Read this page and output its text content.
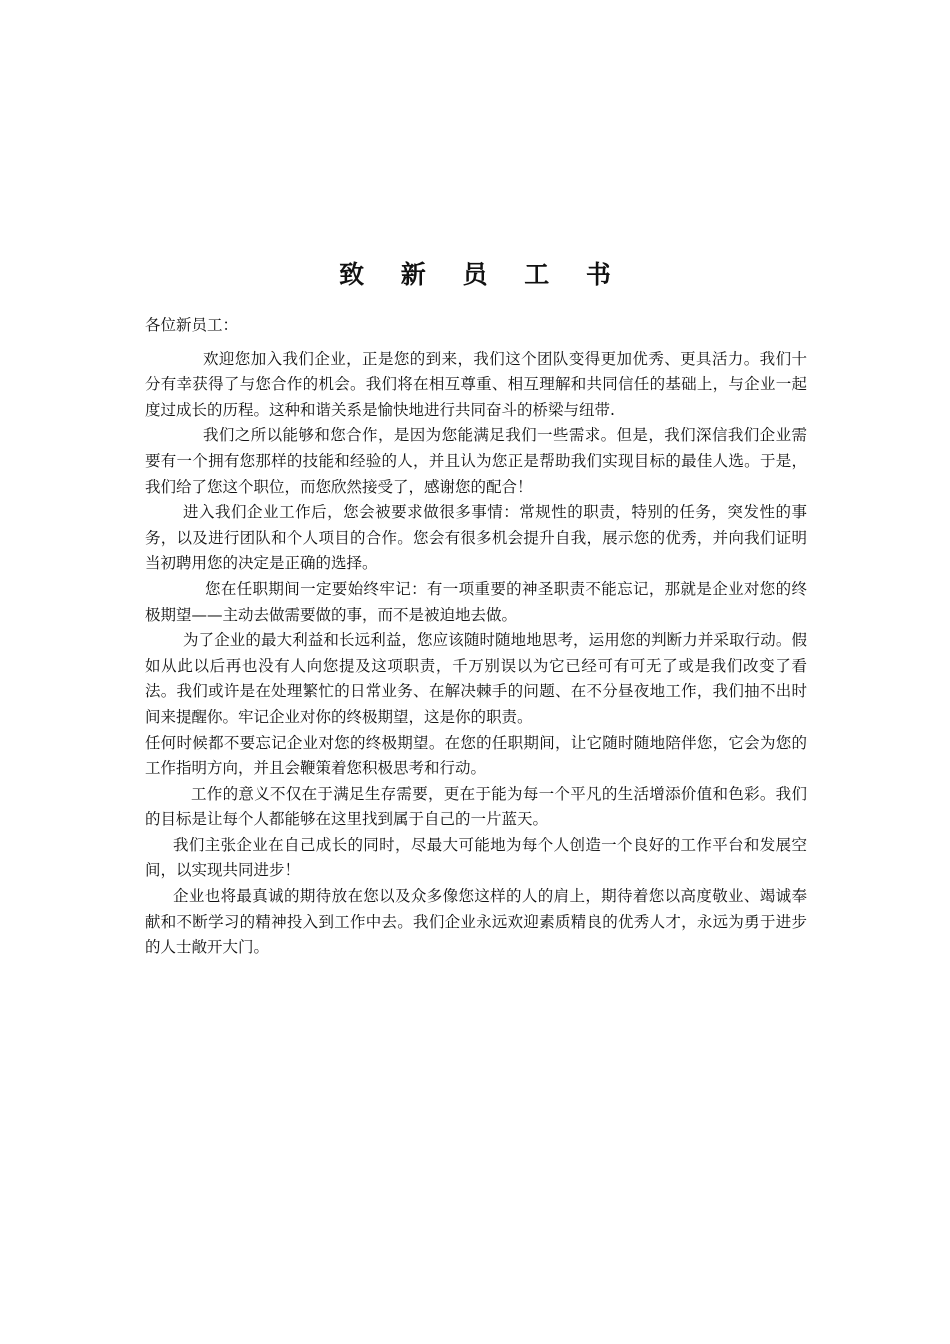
致 新 员 工 书

各位新员工：

欢迎您加入我们企业，正是您的到来，我们这个团队变得更加优秀、更具活力。我们十分有幸获得了与您合作的机会。我们将在相互尊重、相互理解和共同信任的基础上，与企业一起度过成长的历程。这种和谐关系是愉快地进行共同奋斗的桥梁与纽带.

我们之所以能够和您合作，是因为您能满足我们一些需求。但是，我们深信我们企业需要有一个拥有您那样的技能和经验的人，并且认为您正是帮助我们实现目标的最佳人选。于是，我们给了您这个职位，而您欣然接受了，感谢您的配合！

进入我们企业工作后，您会被要求做很多事情：常规性的职责，特别的任务，突发性的事务，以及进行团队和个人项目的合作。您会有很多机会提升自我，展示您的优秀，并向我们证明当初聘用您的决定是正确的选择。

您在任职期间一定要始终牢记：有一项重要的神圣职责不能忘记，那就是企业对您的终极期望——主动去做需要做的事，而不是被迫地去做。

为了企业的最大利益和长远利益，您应该随时随地地思考，运用您的判断力并采取行动。假如从此以后再也没有人向您提及这项职责，千万别误以为它已经可有可无了或是我们改变了看法。我们或许是在处理繁忙的日常业务、在解决棘手的问题、在不分昼夜地工作，我们抽不出时间来提醒你。牢记企业对你的终极期望，这是你的职责。

任何时候都不要忘记企业对您的终极期望。在您的任职期间，让它随时随地陪伴您，它会为您的工作指明方向，并且会鞭策着您积极思考和行动。

工作的意义不仅在于满足生存需要，更在于能为每一个平凡的生活增添价值和色彩。我们的目标是让每个人都能够在这里找到属于自己的一片蓝天。

我们主张企业在自己成长的同时，尽最大可能地为每个人创造一个良好的工作平台和发展空间，以实现共同进步！

企业也将最真诚的期待放在您以及众多像您这样的人的肩上，期待着您以高度敬业、竭诚奉献和不断学习的精神投入到工作中去。我们企业永远欢迎素质精良的优秀人才，永远为勇于进步的人士敞开大门。
